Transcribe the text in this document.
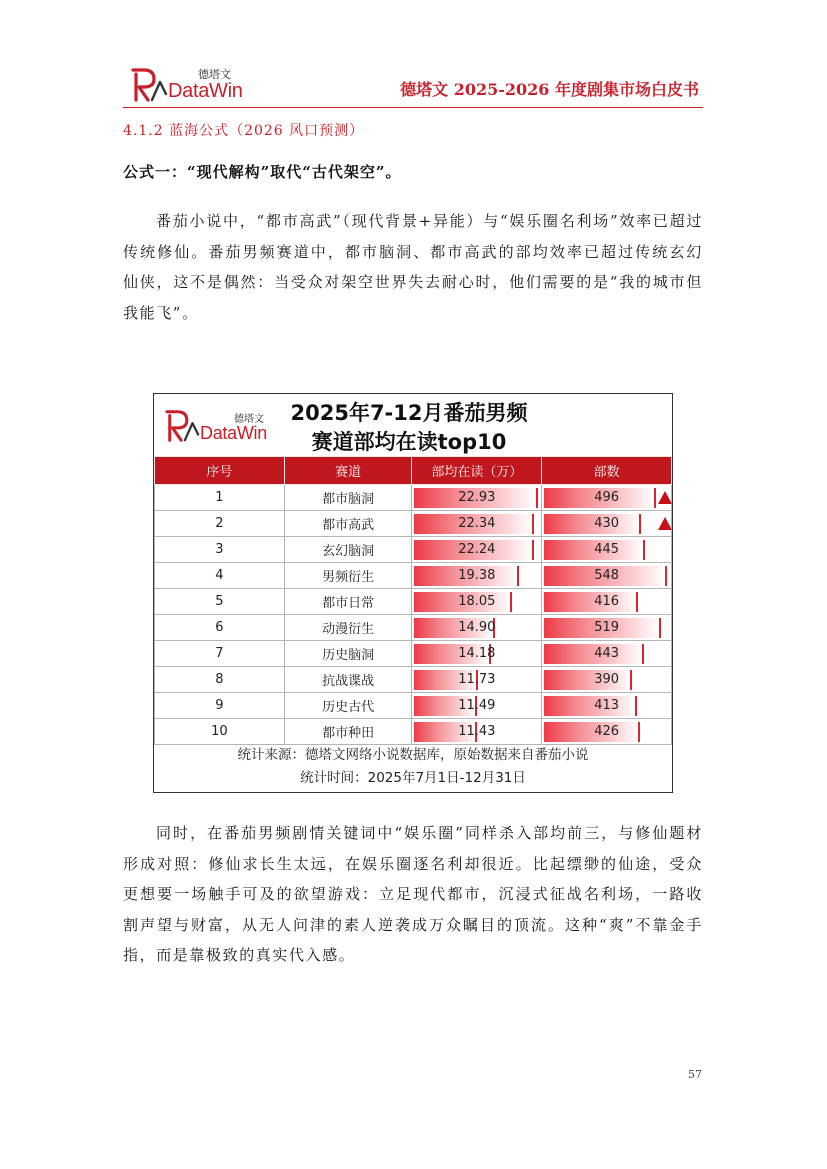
德塔文
DataWin	德塔文 2025-2026 年度剧集市场白皮书
4.1.2 蓝海公式（2026 风口预测）
公式一：“现代解构”取代“古代架空”。

番茄小说中，“都市高武”（现代背景+异能）与“娱乐圈名利场”效率已超过传统修仙。番茄男频赛道中，都市脑洞、都市高武的部均效率已超过传统玄幻仙侠，这不是偶然：当受众对架空世界失去耐心时，他们需要的是“我的城市但我能飞”。

德塔文
DataWin
2025年7-12月番茄男频
赛道部均在读top10
序号	赛道	部均在读（万）	部数
1	都市脑洞	22.93	496

2	都市高武	22.34	430

3	玄幻脑洞	22.24	445
4	男频衍生	19.38	548
5	都市日常	18.05	416
6	动漫衍生	14.90	519
7	历史脑洞	14.18	443
8	抗战谍战	11.73	390
9	历史古代	11.49	413
10	都市种田	11.43	426
统计来源：德塔文网络小说数据库，原始数据来自番茄小说
统计时间：2025年7月1日-12月31日

同时，在番茄男频剧情关键词中“娱乐圈”同样杀入部均前三，与修仙题材形成对照：修仙求长生太远，在娱乐圈逐名利却很近。比起缥缈的仙途，受众更想要一场触手可及的欲望游戏：立足现代都市，沉浸式征战名利场，一路收割声望与财富，从无人问津的素人逆袭成万众瞩目的顶流。这种“爽”不靠金手指，而是靠极致的真实代入感。

57
